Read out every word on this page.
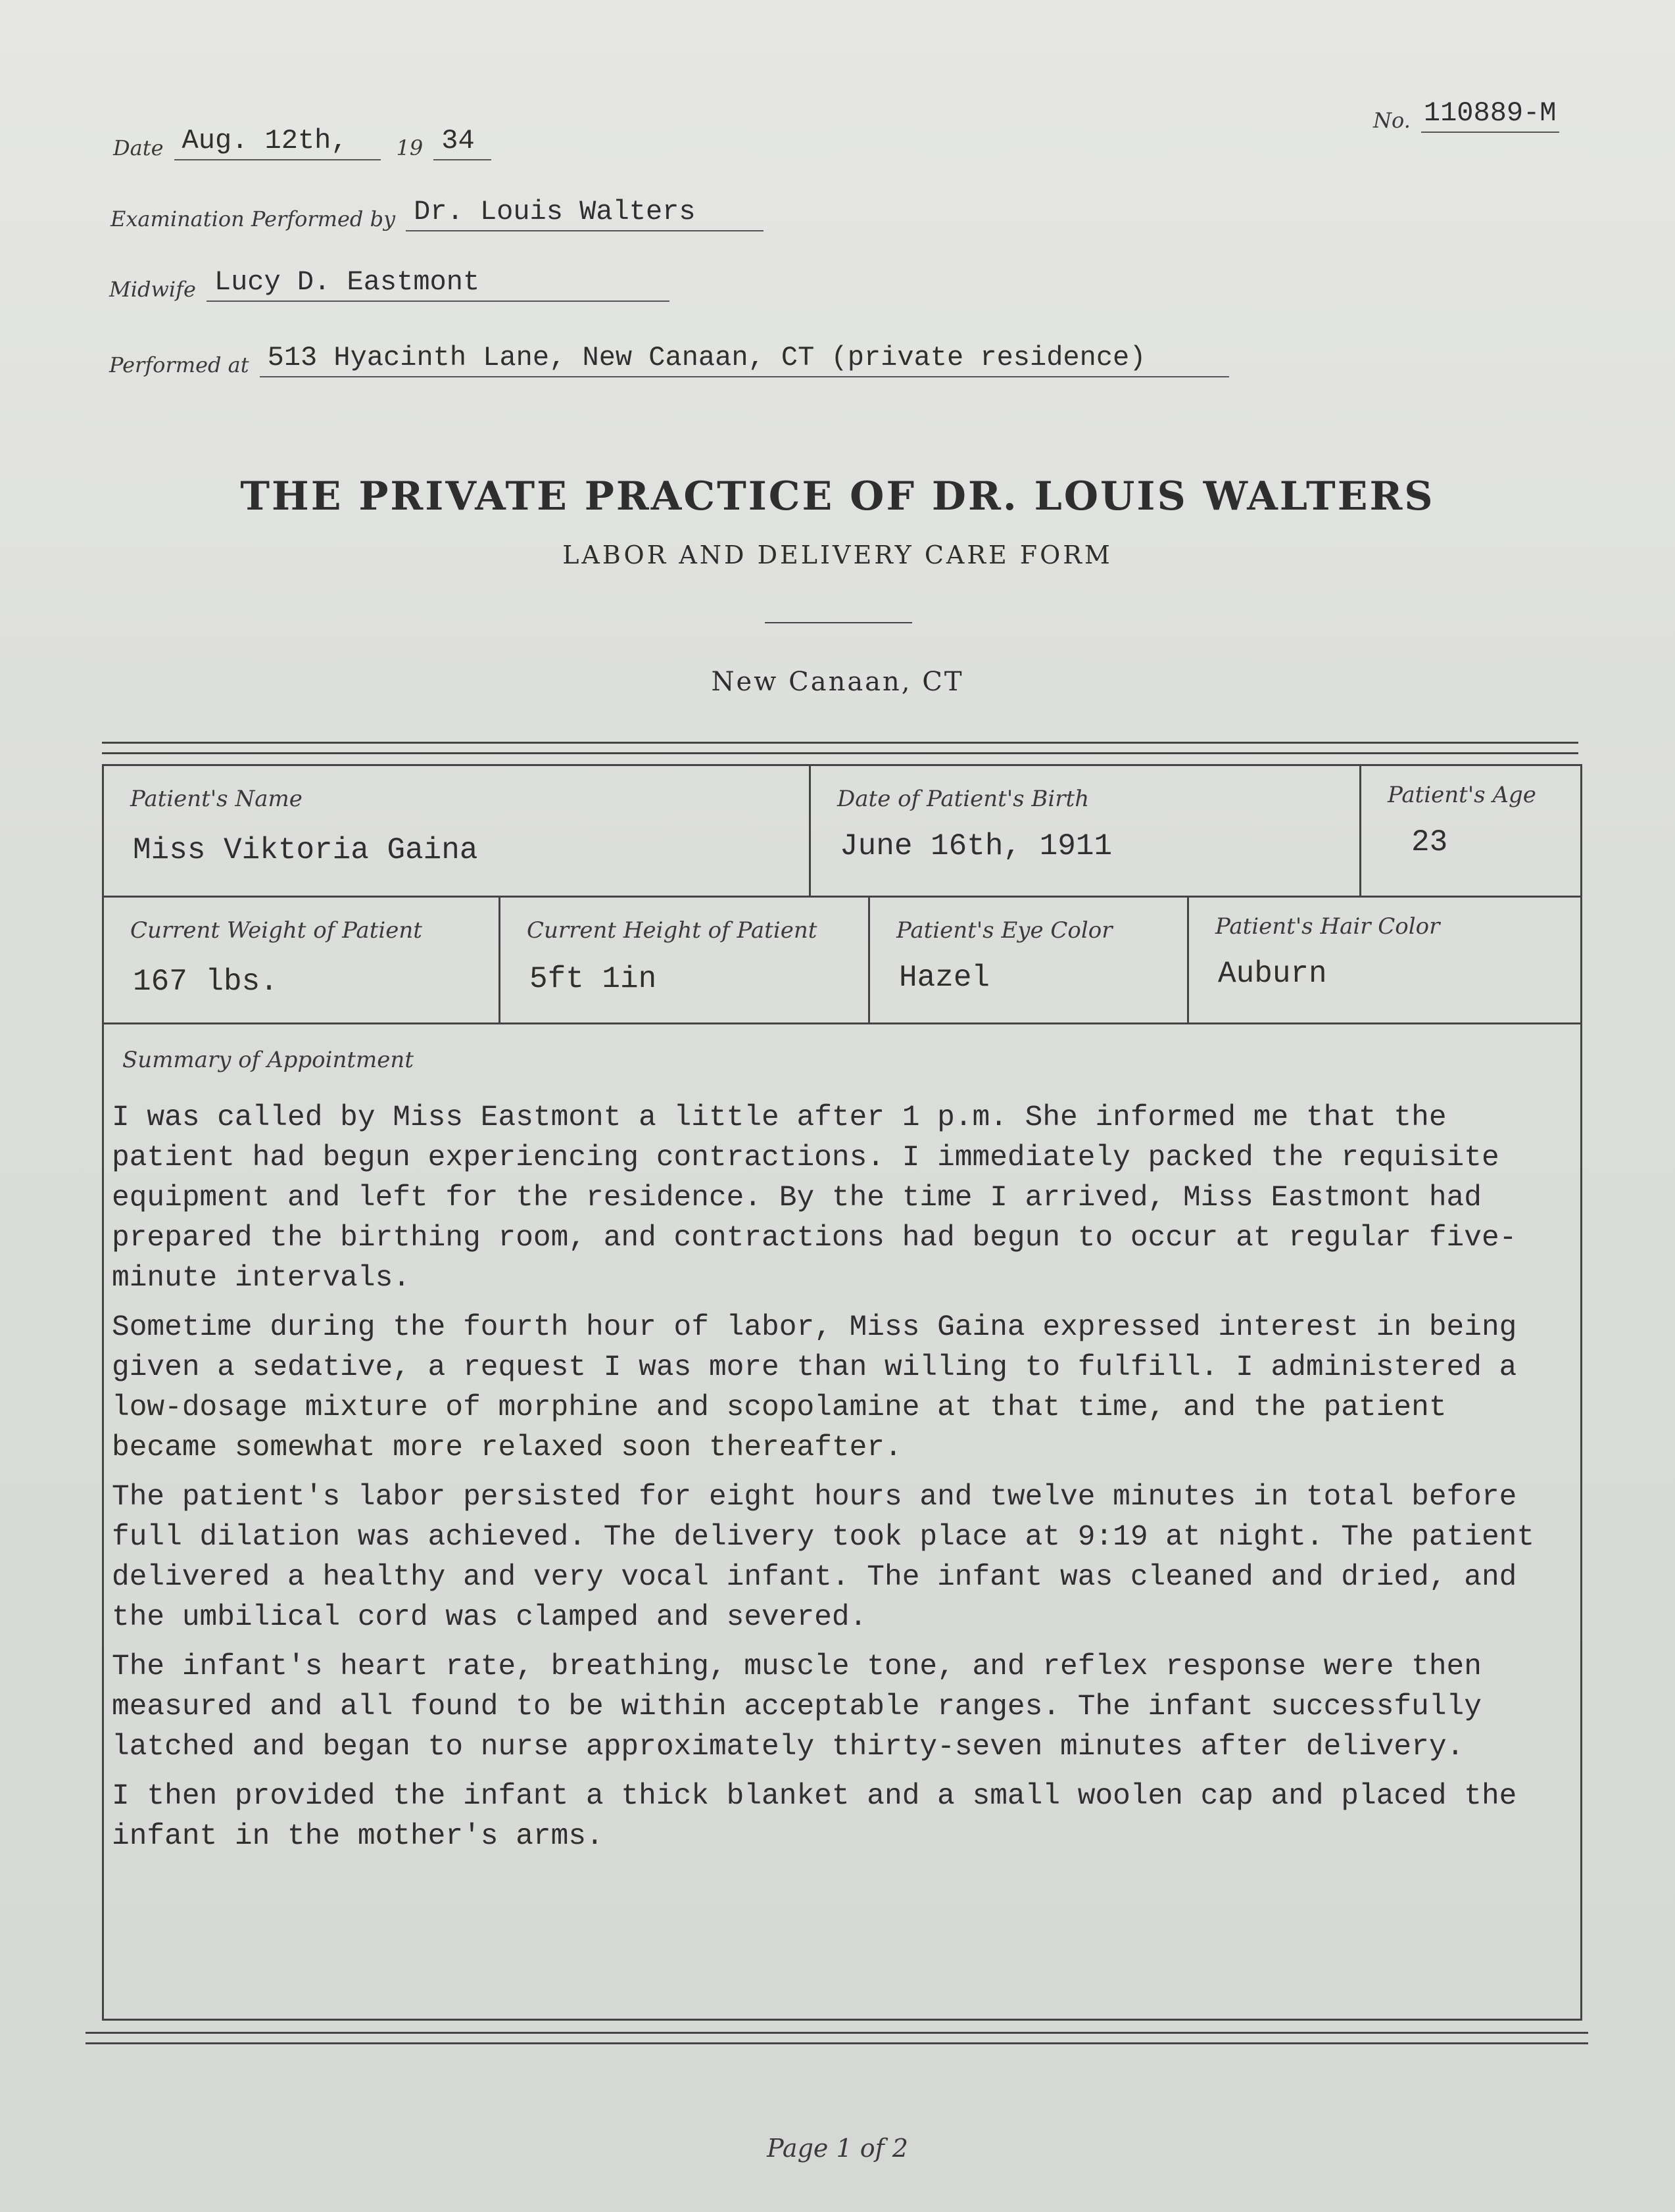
Date Aug. 12th,	19 34
No. 110889-M
Examination Performed by Dr. Louis Walters
Midwife Lucy D. Eastmont
Performed at 513 Hyacinth Lane, New Canaan, CT (private residence)
THE PRIVATE PRACTICE OF DR. LOUIS WALTERS
LABOR AND DELIVERY CARE FORM
New Canaan, CT
Patient's Name
Miss Viktoria Gaina
Date of Patient's Birth
June 16th, 1911
Patient's Age
23
Current Weight of Patient
167 lbs.
Current Height of Patient
5ft 1in
Patient's Eye Color
Hazel
Patient's Hair Color
Auburn
Summary of Appointment

I was called by Miss Eastmont a little after 1 p.m. She informed me that the patient had begun experiencing contractions. I immediately packed the requisite equipment and left for the residence. By the time I arrived, Miss Eastmont had prepared the birthing room, and contractions had begun to occur at regular five-minute intervals.

Sometime during the fourth hour of labor, Miss Gaina expressed interest in being given a sedative, a request I was more than willing to fulfill. I administered a low-dosage mixture of morphine and scopolamine at that time, and the patient became somewhat more relaxed soon thereafter.

The patient's labor persisted for eight hours and twelve minutes in total before full dilation was achieved. The delivery took place at 9:19 at night. The patient delivered a healthy and very vocal infant. The infant was cleaned and dried, and the umbilical cord was clamped and severed.

The infant's heart rate, breathing, muscle tone, and reflex response were then measured and all found to be within acceptable ranges. The infant successfully latched and began to nurse approximately thirty-seven minutes after delivery.

I then provided the infant a thick blanket and a small woolen cap and placed the infant in the mother's arms.

Page 1 of 2
